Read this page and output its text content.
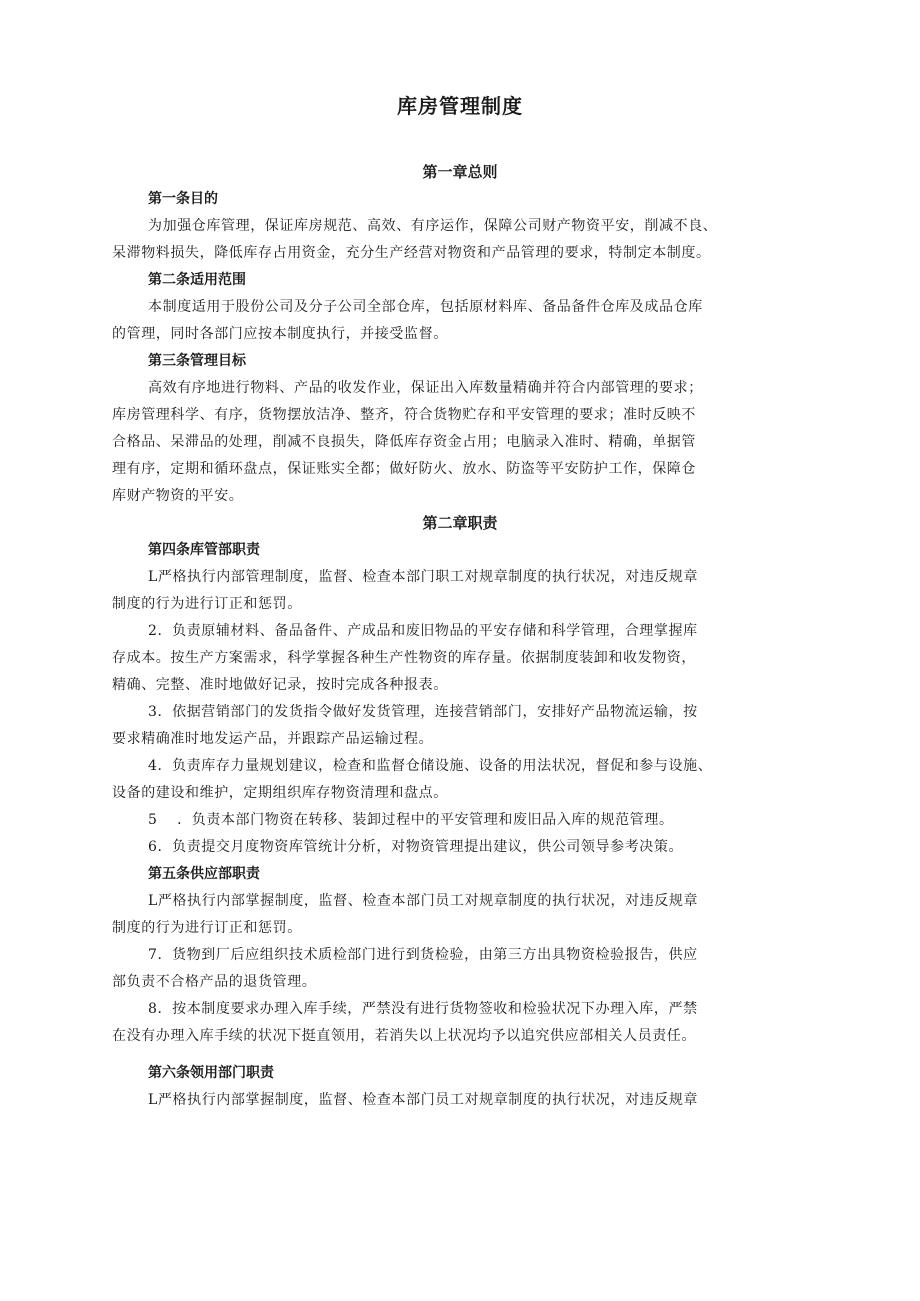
库房管理制度
第一章总则
第一条目的

为加强仓库管理，保证库房规范、高效、有序运作，保障公司财产物资平安，削减不良、
呆滞物料损失，降低库存占用资金，充分生产经营对物资和产品管理的要求，特制定本制度。

第二条适用范围

本制度适用于股份公司及分子公司全部仓库，包括原材料库、备品备件仓库及成品仓库
的管理，同时各部门应按本制度执行，并接受监督。

第三条管理目标

高效有序地进行物料、产品的收发作业，保证出入库数量精确并符合内部管理的要求；
库房管理科学、有序，货物摆放洁净、整齐，符合货物贮存和平安管理的要求；准时反映不
合格品、呆滞品的处理，削减不良损失，降低库存资金占用；电脑录入准时、精确，单据管
理有序，定期和循环盘点，保证账实全都；做好防火、放水、防盗等平安防护工作，保障仓
库财产物资的平安。

第二章职责
第四条库管部职责

L严格执行内部管理制度，监督、检查本部门职工对规章制度的执行状况，对违反规章
制度的行为进行订正和惩罚。

2．负责原辅材料、备品备件、产成品和废旧物品的平安存储和科学管理，合理掌握库
存成本。按生产方案需求，科学掌握各种生产性物资的库存量。依据制度装卸和收发物资，
精确、完整、准时地做好记录，按时完成各种报表。

3．依据营销部门的发货指令做好发货管理，连接营销部门，安排好产品物流运输，按
要求精确准时地发运产品，并跟踪产品运输过程。

4．负责库存力量规划建议，检查和监督仓储设施、设备的用法状况，督促和参与设施、
设备的建设和维护，定期组织库存物资清理和盘点。

5　 ．负责本部门物资在转移、装卸过程中的平安管理和废旧品入库的规范管理。

6．负责提交月度物资库管统计分析，对物资管理提出建议，供公司领导参考决策。

第五条供应部职责

L严格执行内部掌握制度，监督、检查本部门员工对规章制度的执行状况，对违反规章
制度的行为进行订正和惩罚。

7．货物到厂后应组织技术质检部门进行到货检验，由第三方出具物资检验报告，供应
部负责不合格产品的退货管理。

8．按本制度要求办理入库手续，严禁没有进行货物签收和检验状况下办理入库，严禁
在没有办理入库手续的状况下挺直领用，若消失以上状况均予以追究供应部相关人员责任。

第六条领用部门职责

L严格执行内部掌握制度，监督、检查本部门员工对规章制度的执行状况，对违反规章
